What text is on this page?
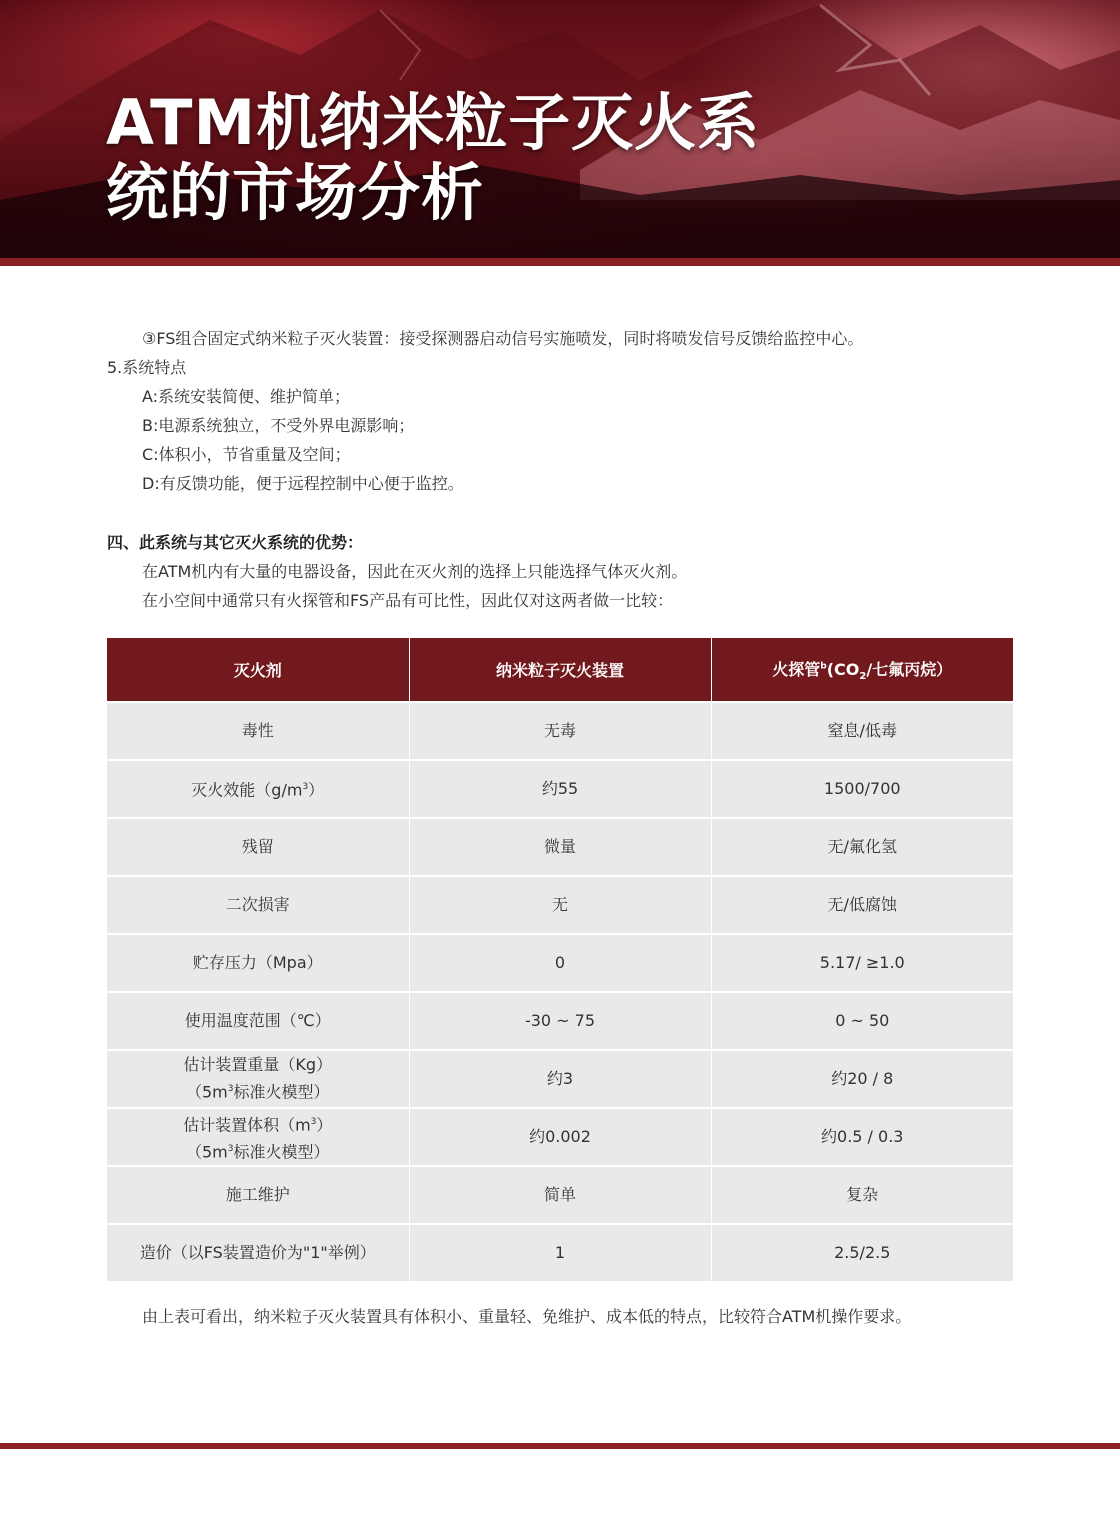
ATM机纳米粒子灭火系
统的市场分析
③FS组合固定式纳米粒子灭火装置：接受探测器启动信号实施喷发，同时将喷发信号反馈给监控中心。
5.系统特点
A:系统安装简便、维护简单；
B:电源系统独立，不受外界电源影响；
C:体积小，节省重量及空间；
D:有反馈功能，便于远程控制中心便于监控。
四、此系统与其它灭火系统的优势：
在ATM机内有大量的电器设备，因此在灭火剂的选择上只能选择气体灭火剂。
在小空间中通常只有火探管和FS产品有可比性，因此仅对这两者做一比较：
灭火剂	纳米粒子灭火装置	火探管$^b(CO_2/$七氟丙烷）
毒性	无毒	窒息/低毒
灭火效能$(g/m^3)$	约55	1500/700
残留	微量	无/氟化氢
二次损害	无	无/低腐蚀
贮存压力（Mpa）	0	5.17/ ≥1.0
使用温度范围（℃）	-30 ~ 75	0 ~ 50

估计装置重量（Kg）
（$5m^3$标准火模型）	约3	约20 / 8

估计装置体积$(m^3)$
（$5m^3$标准火模型）	约0.002	约0.5 / 0.3
施工维护	简单	复杂
造价（以FS装置造价为"1"举例）	1	2.5/2.5
由上表可看出，纳米粒子灭火装置具有体积小、重量轻、免维护、成本低的特点，比较符合ATM机操作要求。
